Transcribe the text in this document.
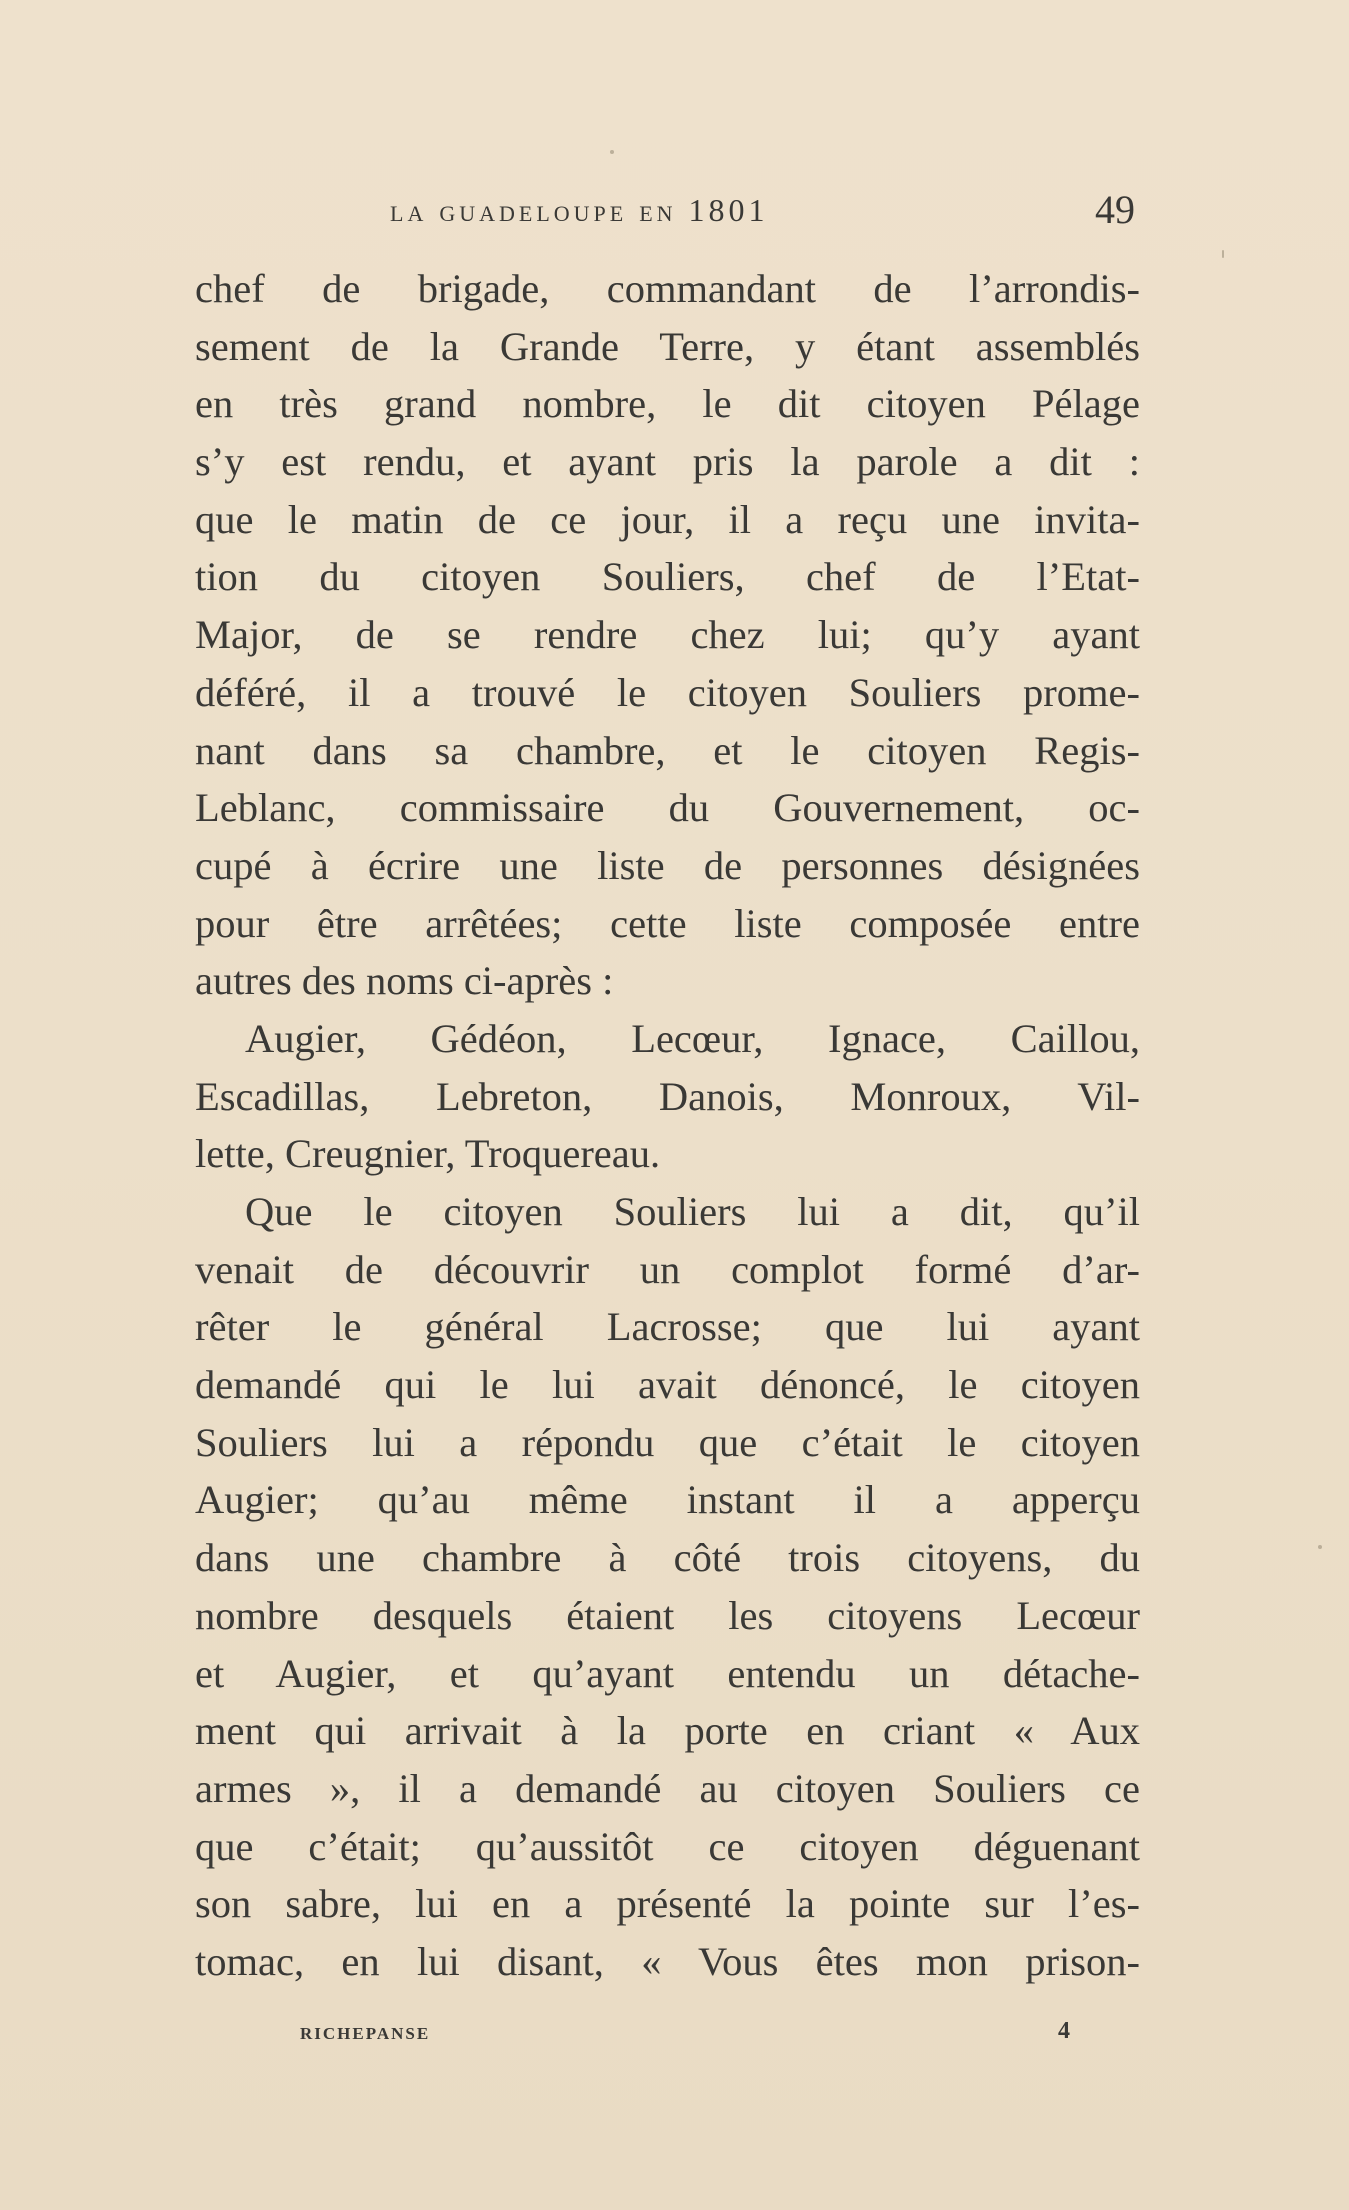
la guadeloupe en 1801	49
chef de brigade, commandant de l’arrondis-
sement de la Grande Terre, y étant assemblés
en très grand nombre, le dit citoyen Pélage
s’y est rendu, et ayant pris la parole a dit :
que le matin de ce jour, il a reçu une invita-
tion du citoyen Souliers, chef de l’Etat-
Major, de se rendre chez lui; qu’y ayant
déféré, il a trouvé le citoyen Souliers prome-
nant dans sa chambre, et le citoyen Regis-
Leblanc, commissaire du Gouvernement, oc-
cupé à écrire une liste de personnes désignées
pour être arrêtées; cette liste composée entre
autres des noms ci-après :
Augier, Gédéon, Lecœur, Ignace, Caillou,
Escadillas, Lebreton, Danois, Monroux, Vil-
lette, Creugnier, Troquereau.
Que le citoyen Souliers lui a dit, qu’il
venait de découvrir un complot formé d’ar-
rêter le général Lacrosse; que lui ayant
demandé qui le lui avait dénoncé, le citoyen
Souliers lui a répondu que c’était le citoyen
Augier; qu’au même instant il a apperçu
dans une chambre à côté trois citoyens, du
nombre desquels étaient les citoyens Lecœur
et Augier, et qu’ayant entendu un détache-
ment qui arrivait à la porte en criant « Aux
armes », il a demandé au citoyen Souliers ce
que c’était; qu’aussitôt ce citoyen déguenant
son sabre, lui en a présenté la pointe sur l’es-
tomac, en lui disant, « Vous êtes mon prison-
RICHEPANSE	4
